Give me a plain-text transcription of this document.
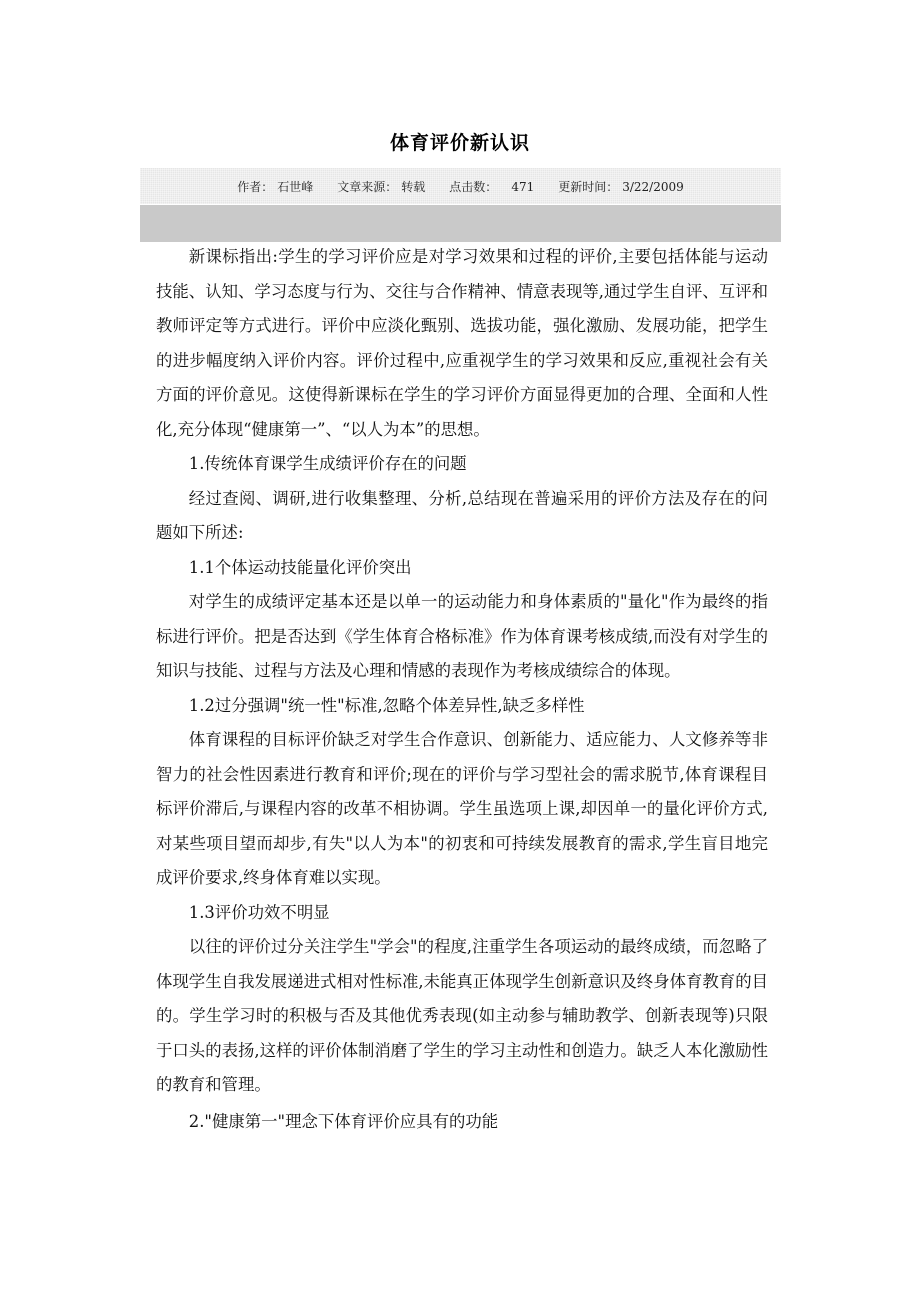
体育评价新认识
作者： 石世峰 文章来源： 转载 点击数： 471 更新时间： 3/22/2009

新课标指出:学生的学习评价应是对学习效果和过程的评价,主要包括体能与运动技能、认知、学习态度与行为、交往与合作精神、情意表现等,通过学生自评、互评和教师评定等方式进行。评价中应淡化甄别、选拔功能，强化激励、发展功能，把学生的进步幅度纳入评价内容。评价过程中,应重视学生的学习效果和反应,重视社会有关方面的评价意见。这使得新课标在学生的学习评价方面显得更加的合理、全面和人性化,充分体现“健康第一”、“以人为本”的思想。

1.传统体育课学生成绩评价存在的问题

经过查阅、调研,进行收集整理、分析,总结现在普遍采用的评价方法及存在的问题如下所述:

1.1个体运动技能量化评价突出

对学生的成绩评定基本还是以单一的运动能力和身体素质的"量化"作为最终的指标进行评价。把是否达到《学生体育合格标准》作为体育课考核成绩,而没有对学生的知识与技能、过程与方法及心理和情感的表现作为考核成绩综合的体现。

1.2过分强调"统一性"标准,忽略个体差异性,缺乏多样性

体育课程的目标评价缺乏对学生合作意识、创新能力、适应能力、人文修养等非智力的社会性因素进行教育和评价;现在的评价与学习型社会的需求脱节,体育课程目标评价滞后,与课程内容的改革不相协调。学生虽选项上课,却因单一的量化评价方式,对某些项目望而却步,有失"以人为本"的初衷和可持续发展教育的需求,学生盲目地完成评价要求,终身体育难以实现。

1.3评价功效不明显

以往的评价过分关注学生"学会"的程度,注重学生各项运动的最终成绩，而忽略了体现学生自我发展递进式相对性标准,未能真正体现学生创新意识及终身体育教育的目的。学生学习时的积极与否及其他优秀表现(如主动参与辅助教学、创新表现等)只限于口头的表扬,这样的评价体制消磨了学生的学习主动性和创造力。缺乏人本化激励性的教育和管理。

2."健康第一"理念下体育评价应具有的功能
